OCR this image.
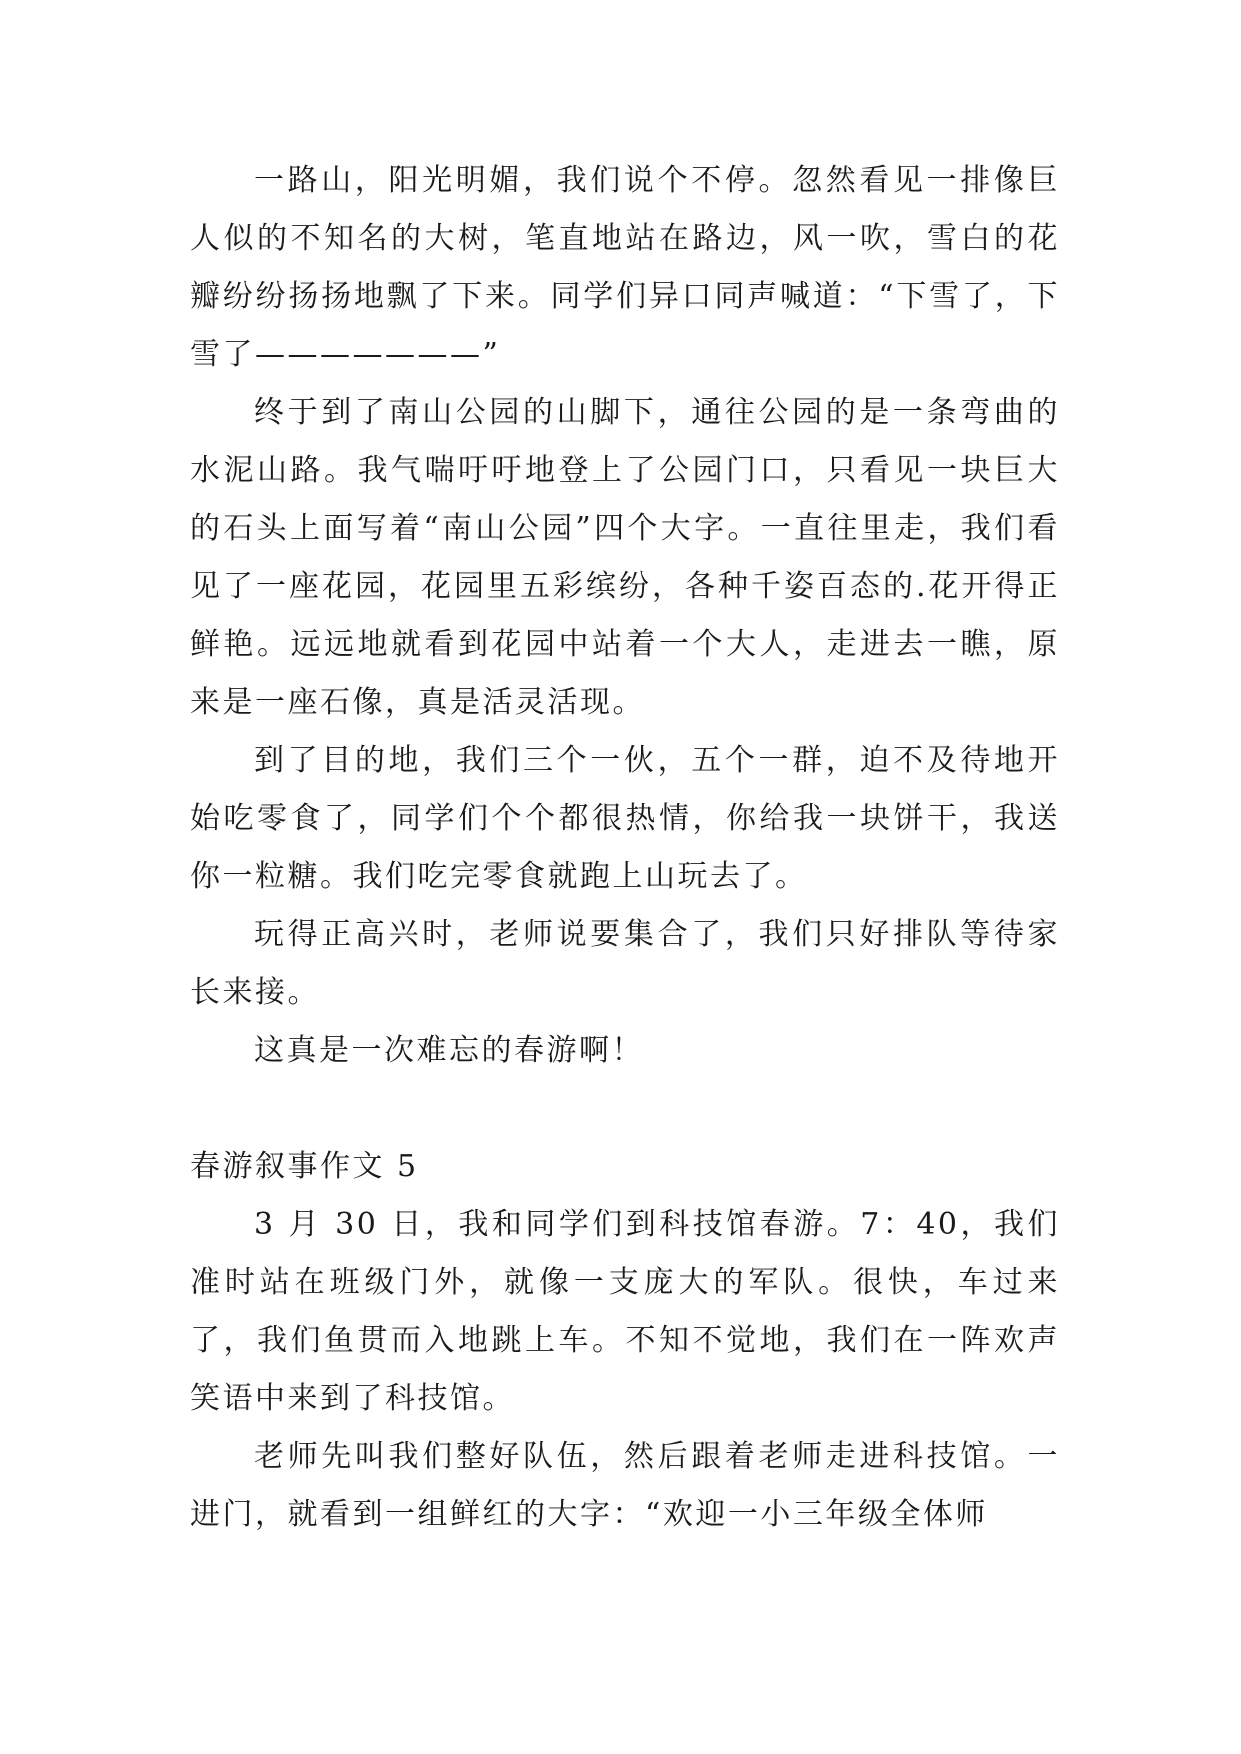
一路山，阳光明媚，我们说个不停。忽然看见一排像巨人似的不知名的大树，笔直地站在路边，风一吹，雪白的花瓣纷纷扬扬地飘了下来。同学们异口同声喊道：“下雪了，下雪了———————”

终于到了南山公园的山脚下，通往公园的是一条弯曲的水泥山路。我气喘吁吁地登上了公园门口，只看见一块巨大的石头上面写着“南山公园”四个大字。一直往里走，我们看见了一座花园，花园里五彩缤纷，各种千姿百态的.花开得正鲜艳。远远地就看到花园中站着一个大人，走进去一瞧，原来是一座石像，真是活灵活现。

到了目的地，我们三个一伙，五个一群，迫不及待地开始吃零食了，同学们个个都很热情，你给我一块饼干，我送你一粒糖。我们吃完零食就跑上山玩去了。

玩得正高兴时，老师说要集合了，我们只好排队等待家长来接。

这真是一次难忘的春游啊！

春游叙事作文 5

3 月 30 日，我和同学们到科技馆春游。7：40，我们准时站在班级门外，就像一支庞大的军队。很快，车过来了，我们鱼贯而入地跳上车。不知不觉地，我们在一阵欢声笑语中来到了科技馆。

老师先叫我们整好队伍，然后跟着老师走进科技馆。一进门，就看到一组鲜红的大字：“欢迎一小三年级全体师
